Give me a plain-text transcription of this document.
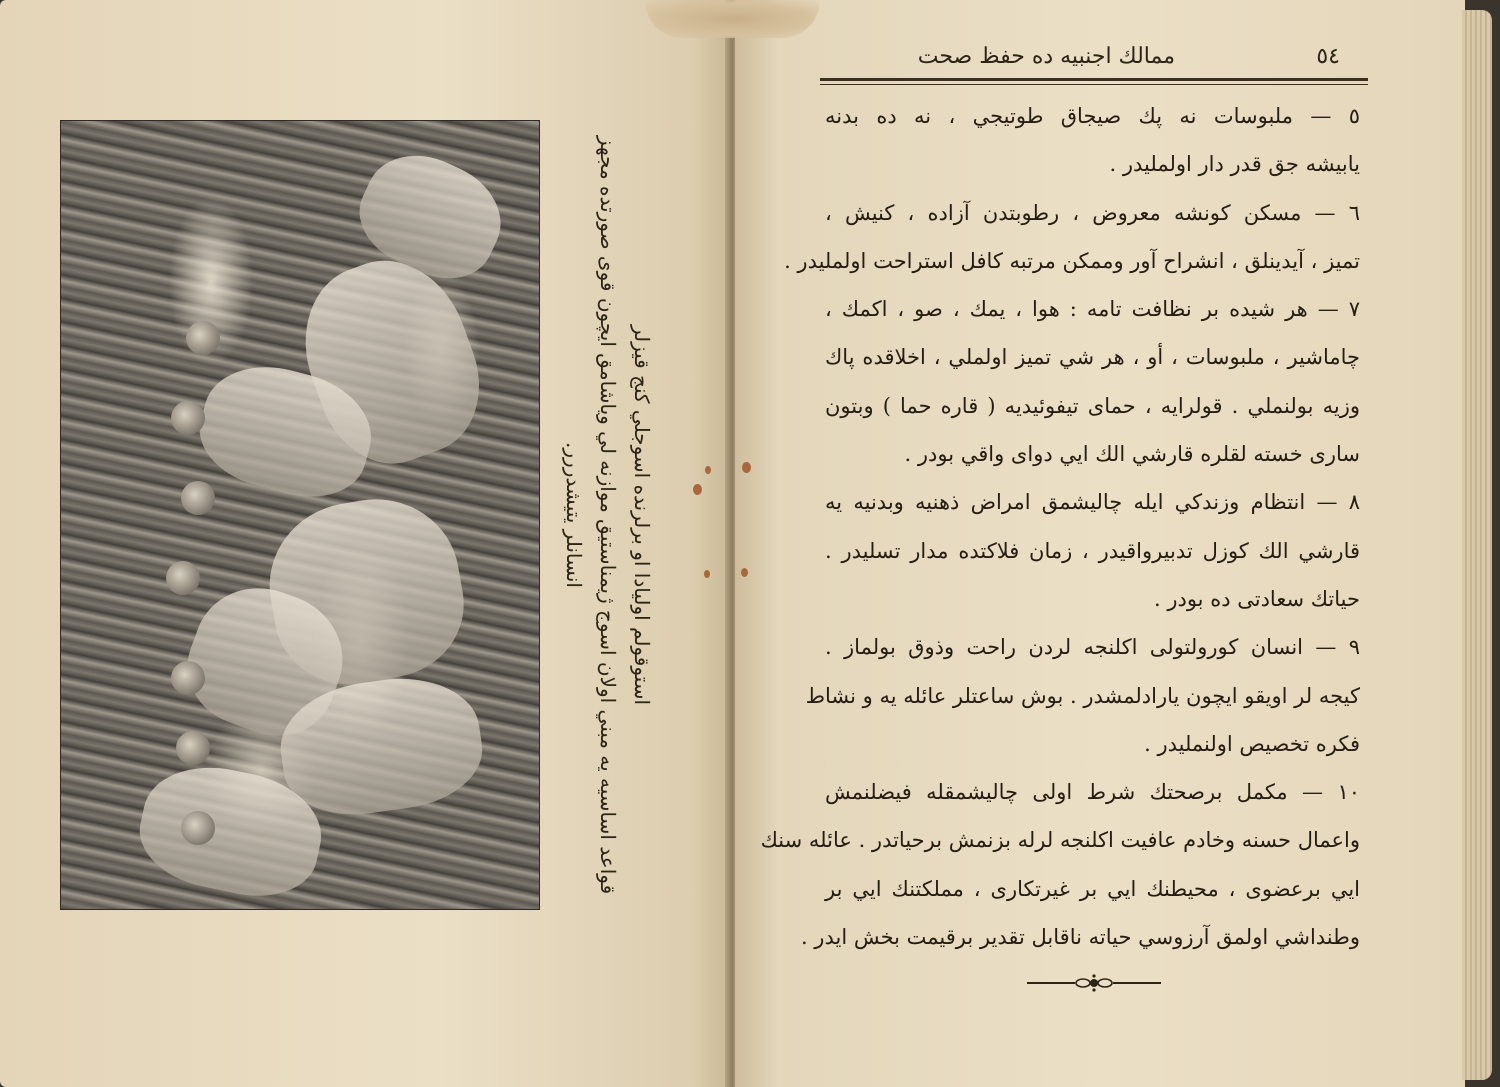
استوقولم اوليادا او برلرنده اسوجلي كنج قيزلر
قواعد اساسيه يه مبني اولان اسوج ژيمناستيق موازنه لي وياشامق ايچون قوى صورتده مجهز انسانلر يتيشدررر.
٥٤
ممالك اجنبيه ده حفظ صحت
٥ — ملبوسات نه پك صيجاق طوتيجي ، نه ده بدنه
يابيشه جق قدر دار اولمليدر .
٦ — مسكن كونشه معروض ، رطوبتدن آزاده ، كنيش ،
تميز ، آيدينلق ، انشراح آور وممكن مرتبه كافل استراحت اولمليدر .
٧ — هر شيده بر نظافت تامه : هوا ، يمك ، صو ، اكمك ،
چاماشير ، ملبوسات ، أو ، هر شي تميز اولملي ، اخلاقده پاك
وزيه بولنملي . قولرايه ، حماى تيفوئيديه ( قاره حما ) وبتون
سارى خسته لقلره قارشي الك ايي دواى واقي بودر .
٨ — انتظام وزندكي ايله چاليشمق امراض ذهنيه وبدنيه يه
قارشي الك كوزل تدبيرواقيدر ، زمان فلاكتده مدار تسليدر .
حياتك سعادتى ده بودر .
٩ — انسان كورولتولى اكلنجه لردن راحت وذوق بولماز .
كيجه لر اويقو ايچون يارادلمشدر . بوش ساعتلر عائله يه و نشاط
فكره تخصيص اولنمليدر .
١٠ — مكمل برصحتك شرط اولى چاليشمقله فيضلنمش
واعمال حسنه وخادم عافيت اكلنجه لرله بزنمش برحياتدر . عائله سنك
ايي برعضوى ، محيطنك ايي بر غيرتكارى ، مملكتنك ايي بر
وطنداشي اولمق آرزوسي حياته ناقابل تقدير برقيمت بخش ايدر .
